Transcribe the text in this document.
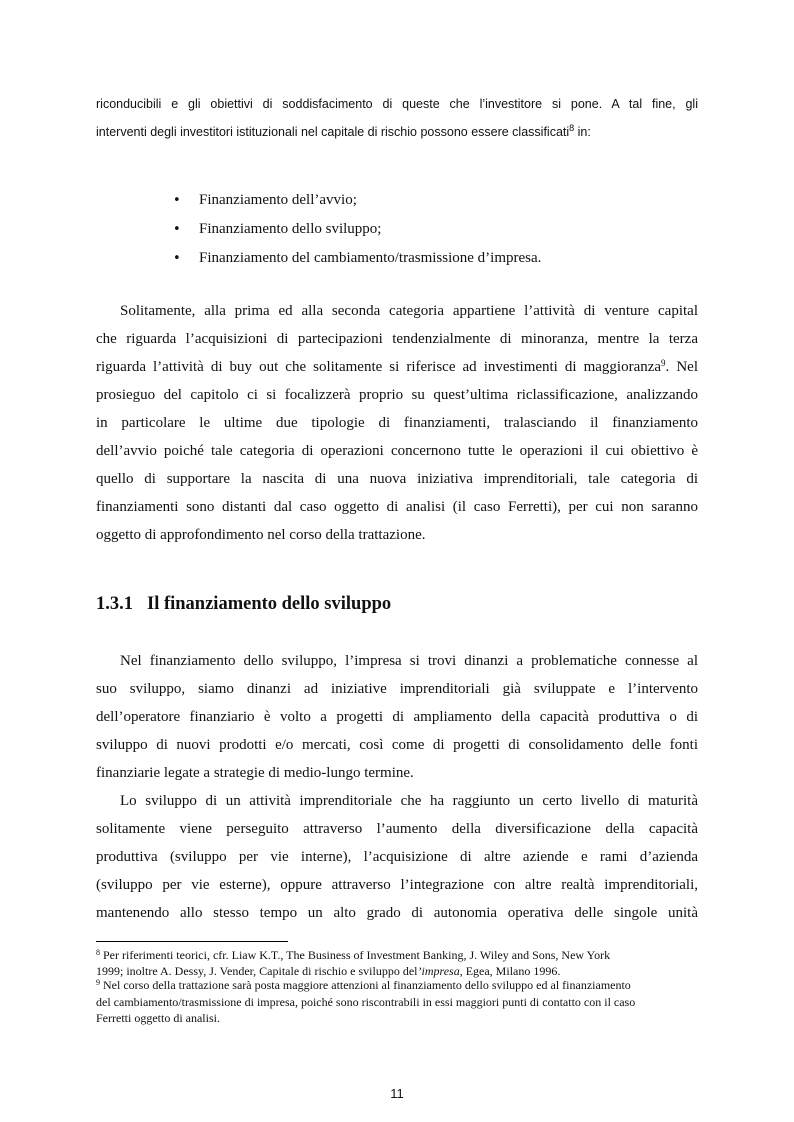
riconducibili e gli obiettivi di soddisfacimento di queste che l’investitore si pone. A tal fine, gli
interventi degli investitori istituzionali nel capitale di rischio possono essere classificati$^8$ in:
• Finanziamento dell’avvio;
• Finanziamento dello sviluppo;
• Finanziamento del cambiamento/trasmissione d’impresa.
Solitamente, alla prima ed alla seconda categoria appartiene l’attività di venture capital
che riguarda l’acquisizioni di partecipazioni tendenzialmente di minoranza, mentre la terza
riguarda l’attività di buy out che solitamente si riferisce ad investimenti di maggioranza$^9$. Nel
prosieguo del capitolo ci si focalizzerà proprio su quest’ultima riclassificazione, analizzando
in particolare le ultime due tipologie di finanziamenti, tralasciando il finanziamento
dell’avvio poiché tale categoria di operazioni concernono tutte le operazioni il cui obiettivo è
quello di supportare la nascita di una nuova iniziativa imprenditoriali, tale categoria di
finanziamenti sono distanti dal caso oggetto di analisi (il caso Ferretti), per cui non saranno
oggetto di approfondimento nel corso della trattazione.
1.3.1 Il finanziamento dello sviluppo
Nel finanziamento dello sviluppo, l’impresa si trovi dinanzi a problematiche connesse al
suo sviluppo, siamo dinanzi ad iniziative imprenditoriali già sviluppate e l’intervento
dell’operatore finanziario è volto a progetti di ampliamento della capacità produttiva o di
sviluppo di nuovi prodotti e/o mercati, così come di progetti di consolidamento delle fonti
finanziarie legate a strategie di medio-lungo termine.
Lo sviluppo di un attività imprenditoriale che ha raggiunto un certo livello di maturità
solitamente viene perseguito attraverso l’aumento della diversificazione della capacità
produttiva (sviluppo per vie interne), l’acquisizione di altre aziende e rami d’azienda
(sviluppo per vie esterne), oppure attraverso l’integrazione con altre realtà imprenditoriali,
mantenendo allo stesso tempo un alto grado di autonomia operativa delle singole unità
$^8$ Per riferimenti teorici, cfr. Liaw K.T., The Business of Investment Banking, J. Wiley and Sons, New York
1999; inoltre A. Dessy, J. Vender, Capitale di rischio e sviluppo del’impresa, Egea, Milano 1996.
$^9$ Nel corso della trattazione sarà posta maggiore attenzioni al finanziamento dello sviluppo ed al finanziamento
del cambiamento/trasmissione di impresa, poiché sono riscontrabili in essi maggiori punti di contatto con il caso
Ferretti oggetto di analisi.
11
